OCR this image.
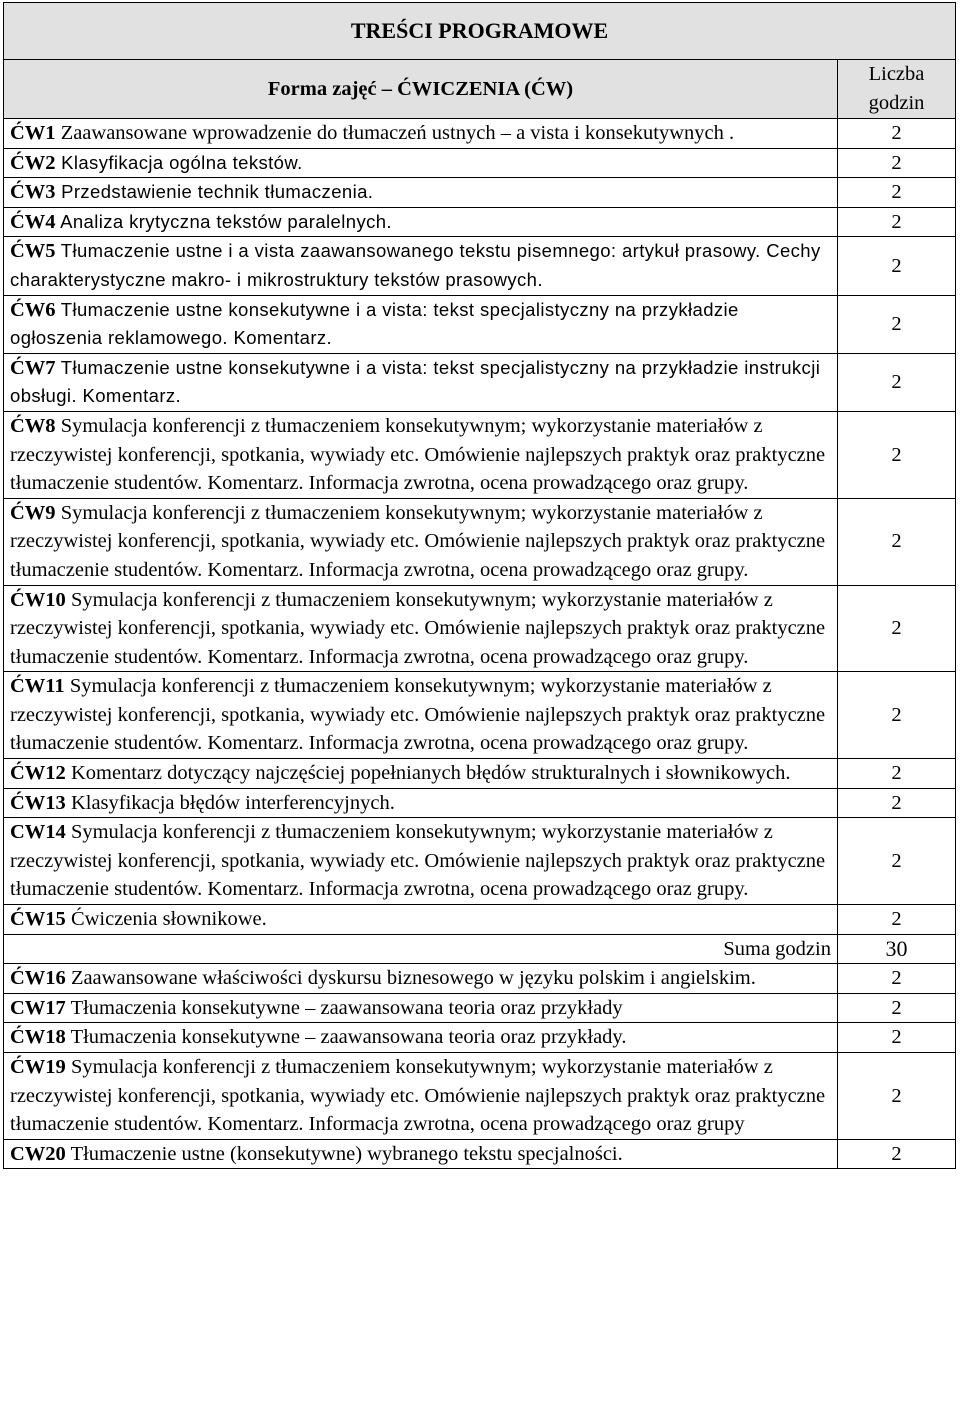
TREŚCI PROGRAMOWE	
Forma zajęć – ĆWICZENIA (ĆW)	Liczba godzin
ĆW1 Zaawansowane wprowadzenie do tłumaczeń ustnych – a vista i konsekutywnych .	2
ĆW2 Klasyfikacja ogólna tekstów.	2
ĆW3 Przedstawienie technik tłumaczenia.	2
ĆW4 Analiza krytyczna tekstów paralelnych.	2
ĆW5 Tłumaczenie ustne i a vista zaawansowanego tekstu pisemnego: artykuł prasowy. Cechy charakterystyczne makro- i mikrostruktury tekstów prasowych.	2
ĆW6 Tłumaczenie ustne konsekutywne i a vista: tekst specjalistyczny na przykładzie ogłoszenia reklamowego. Komentarz.	2
ĆW7 Tłumaczenie ustne konsekutywne i a vista: tekst specjalistyczny na przykładzie instrukcji obsługi. Komentarz.	2
ĆW8 Symulacja konferencji z tłumaczeniem konsekutywnym; wykorzystanie materiałów z rzeczywistej konferencji, spotkania, wywiady etc. Omówienie najlepszych praktyk oraz praktyczne tłumaczenie studentów. Komentarz. Informacja zwrotna, ocena prowadzącego oraz grupy.	2
ĆW9 Symulacja konferencji z tłumaczeniem konsekutywnym; wykorzystanie materiałów z rzeczywistej konferencji, spotkania, wywiady etc. Omówienie najlepszych praktyk oraz praktyczne tłumaczenie studentów. Komentarz. Informacja zwrotna, ocena prowadzącego oraz grupy.	2
ĆW10 Symulacja konferencji z tłumaczeniem konsekutywnym; wykorzystanie materiałów z rzeczywistej konferencji, spotkania, wywiady etc. Omówienie najlepszych praktyk oraz praktyczne tłumaczenie studentów. Komentarz. Informacja zwrotna, ocena prowadzącego oraz grupy.	2
ĆW11 Symulacja konferencji z tłumaczeniem konsekutywnym; wykorzystanie materiałów z rzeczywistej konferencji, spotkania, wywiady etc. Omówienie najlepszych praktyk oraz praktyczne tłumaczenie studentów. Komentarz. Informacja zwrotna, ocena prowadzącego oraz grupy.	2
ĆW12 Komentarz dotyczący najczęściej popełnianych błędów strukturalnych i słownikowych.	2
ĆW13 Klasyfikacja błędów interferencyjnych.	2
CW14 Symulacja konferencji z tłumaczeniem konsekutywnym; wykorzystanie materiałów z rzeczywistej konferencji, spotkania, wywiady etc. Omówienie najlepszych praktyk oraz praktyczne tłumaczenie studentów. Komentarz. Informacja zwrotna, ocena prowadzącego oraz grupy.	2
ĆW15 Ćwiczenia słownikowe.	2
Suma godzin	30
ĆW16 Zaawansowane właściwości dyskursu biznesowego w języku polskim i angielskim.	2
CW17 Tłumaczenia konsekutywne – zaawansowana teoria oraz przykłady	2
ĆW18 Tłumaczenia konsekutywne – zaawansowana teoria oraz przykłady.	2
ĆW19 Symulacja konferencji z tłumaczeniem konsekutywnym; wykorzystanie materiałów z rzeczywistej konferencji, spotkania, wywiady etc. Omówienie najlepszych praktyk oraz praktyczne tłumaczenie studentów. Komentarz. Informacja zwrotna, ocena prowadzącego oraz grupy	2
CW20 Tłumaczenie ustne (konsekutywne) wybranego tekstu specjalności.	2
